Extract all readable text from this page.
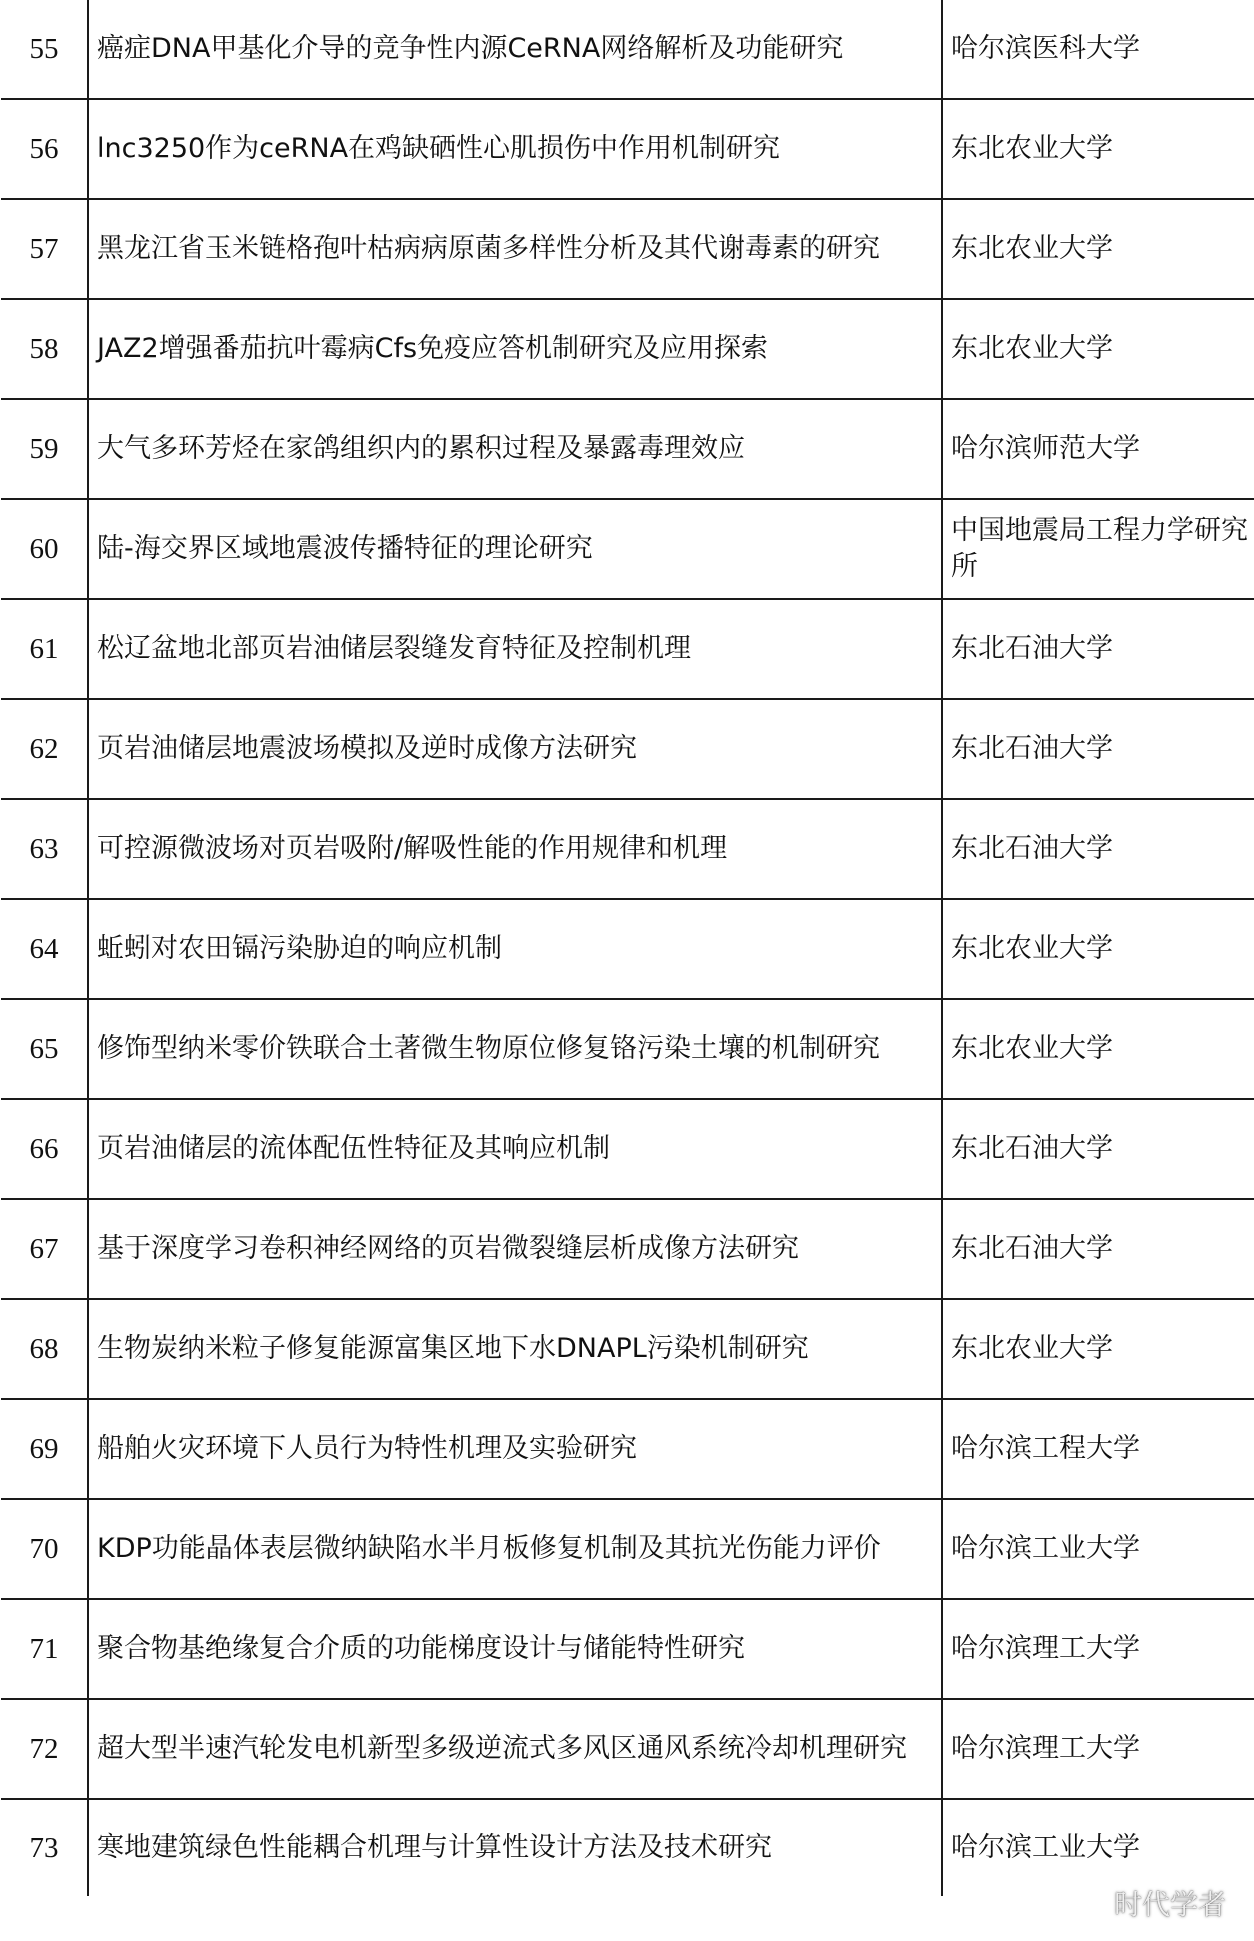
55	癌症DNA甲基化介导的竞争性内源CeRNA网络解析及功能研究	哈尔滨医科大学
56	lnc3250作为ceRNA在鸡缺硒性心肌损伤中作用机制研究	东北农业大学
57	黑龙江省玉米链格孢叶枯病病原菌多样性分析及其代谢毒素的研究	东北农业大学
58	JAZ2增强番茄抗叶霉病Cfs免疫应答机制研究及应用探索	东北农业大学
59	大气多环芳烃在家鸽组织内的累积过程及暴露毒理效应	哈尔滨师范大学
60	陆-海交界区域地震波传播特征的理论研究	中国地震局工程力学研究所
61	松辽盆地北部页岩油储层裂缝发育特征及控制机理	东北石油大学
62	页岩油储层地震波场模拟及逆时成像方法研究	东北石油大学
63	可控源微波场对页岩吸附/解吸性能的作用规律和机理	东北石油大学
64	蚯蚓对农田镉污染胁迫的响应机制	东北农业大学
65	修饰型纳米零价铁联合土著微生物原位修复铬污染土壤的机制研究	东北农业大学
66	页岩油储层的流体配伍性特征及其响应机制	东北石油大学
67	基于深度学习卷积神经网络的页岩微裂缝层析成像方法研究	东北石油大学
68	生物炭纳米粒子修复能源富集区地下水DNAPL污染机制研究	东北农业大学
69	船舶火灾环境下人员行为特性机理及实验研究	哈尔滨工程大学
70	KDP功能晶体表层微纳缺陷水半月板修复机制及其抗光伤能力评价	哈尔滨工业大学
71	聚合物基绝缘复合介质的功能梯度设计与储能特性研究	哈尔滨理工大学
72	超大型半速汽轮发电机新型多级逆流式多风区通风系统冷却机理研究	哈尔滨理工大学
73	寒地建筑绿色性能耦合机理与计算性设计方法及技术研究	哈尔滨工业大学
时代学者
